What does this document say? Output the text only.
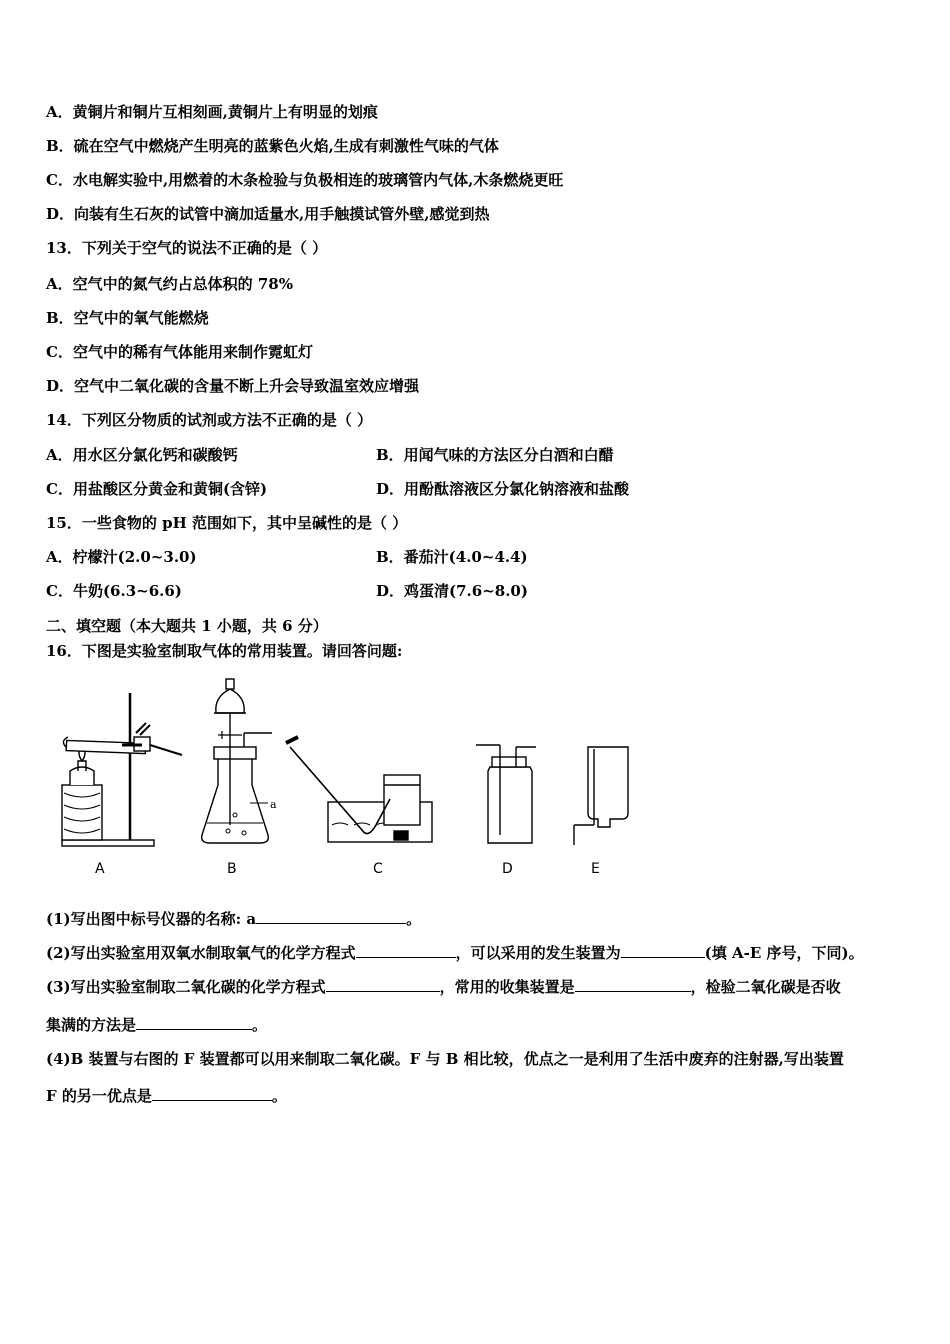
A．黄铜片和铜片互相刻画,黄铜片上有明显的划痕
B．硫在空气中燃烧产生明亮的蓝紫色火焰,生成有刺激性气味的气体
C．水电解实验中,用燃着的木条检验与负极相连的玻璃管内气体,木条燃烧更旺
D．向装有生石灰的试管中滴加适量水,用手触摸试管外壁,感觉到热
13．下列关于空气的说法不正确的是（ ）
A．空气中的氮气约占总体积的 78%
B．空气中的氧气能燃烧
C．空气中的稀有气体能用来制作霓虹灯
D．空气中二氧化碳的含量不断上升会导致温室效应增强
14．下列区分物质的试剂或方法不正确的是（ ）
A．用水区分氯化钙和碳酸钙	B．用闻气味的方法区分白酒和白醋
C．用盐酸区分黄金和黄铜(含锌)	D．用酚酞溶液区分氯化钠溶液和盐酸
15．一些食物的 pH 范围如下，其中呈碱性的是（ ）
A．柠檬汁(2.0~3.0)	B．番茄汁(4.0~4.4)
C．牛奶(6.3~6.6)	D．鸡蛋清(7.6~8.0)
二、填空题（本大题共 1 小题，共 6 分）
16．下图是实验室制取气体的常用装置。请回答问题:
a
A	B	C	D	E
(1)写出图中标号仪器的名称: a	。
(2)写出实验室用双氧水制取氧气的化学方程式	，可以采用的发生装置为	(填 A-E 序号，下同)。
(3)写出实验室制取二氧化碳的化学方程式	，常用的收集装置是	，检验二氧化碳是否收
集满的方法是	。
(4)B 装置与右图的 F 装置都可以用来制取二氧化碳。F 与 B 相比较，优点之一是利用了生活中废弃的注射器,写出装置
F 的另一优点是	。
